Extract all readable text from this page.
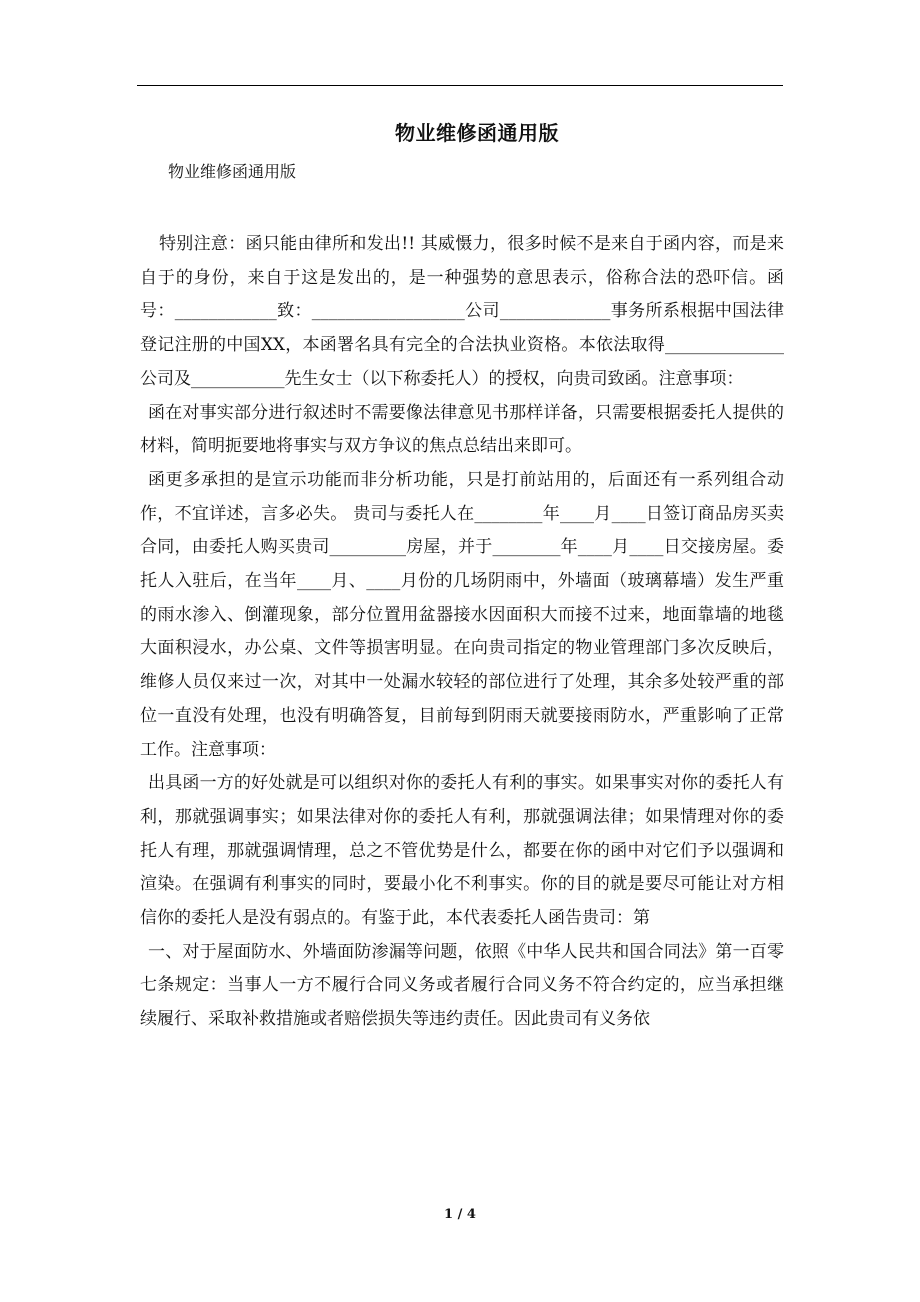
物业维修函通用版
物业维修函通用版

特别注意：函只能由律所和发出!! 其威慑力，很多时候不是来自于函内容，而是来自于的身份，来自于这是发出的，是一种强势的意思表示，俗称合法的恐吓信。函号：____________致：__________________公司_____________事务所系根据中国法律登记注册的中国XX，本函署名具有完全的合法执业资格。本依法取得______________公司及___________先生女士（以下称委托人）的授权，向贵司致函。注意事项：

函在对事实部分进行叙述时不需要像法律意见书那样详备，只需要根据委托人提供的材料，简明扼要地将事实与双方争议的焦点总结出来即可。

函更多承担的是宣示功能而非分析功能，只是打前站用的，后面还有一系列组合动作，不宜详述，言多必失。 贵司与委托人在________年____月____日签订商品房买卖合同，由委托人购买贵司_________房屋，并于________年____月____日交接房屋。委托人入驻后，在当年____月、____月份的几场阴雨中，外墙面（玻璃幕墙）发生严重的雨水渗入、倒灌现象，部分位置用盆器接水因面积大而接不过来，地面靠墙的地毯大面积浸水，办公桌、文件等损害明显。在向贵司指定的物业管理部门多次反映后，维修人员仅来过一次，对其中一处漏水较轻的部位进行了处理，其余多处较严重的部位一直没有处理，也没有明确答复，目前每到阴雨天就要接雨防水，严重影响了正常工作。注意事项：

出具函一方的好处就是可以组织对你的委托人有利的事实。如果事实对你的委托人有利，那就强调事实；如果法律对你的委托人有利，那就强调法律；如果情理对你的委托人有理，那就强调情理，总之不管优势是什么，都要在你的函中对它们予以强调和渲染。在强调有利事实的同时，要最小化不利事实。你的目的就是要尽可能让对方相信你的委托人是没有弱点的。有鉴于此，本代表委托人函告贵司：第

一、对于屋面防水、外墙面防渗漏等问题，依照《中华人民共和国合同法》第一百零七条规定：当事人一方不履行合同义务或者履行合同义务不符合约定的，应当承担继续履行、采取补救措施或者赔偿损失等违约责任。因此贵司有义务依

1 / 4
